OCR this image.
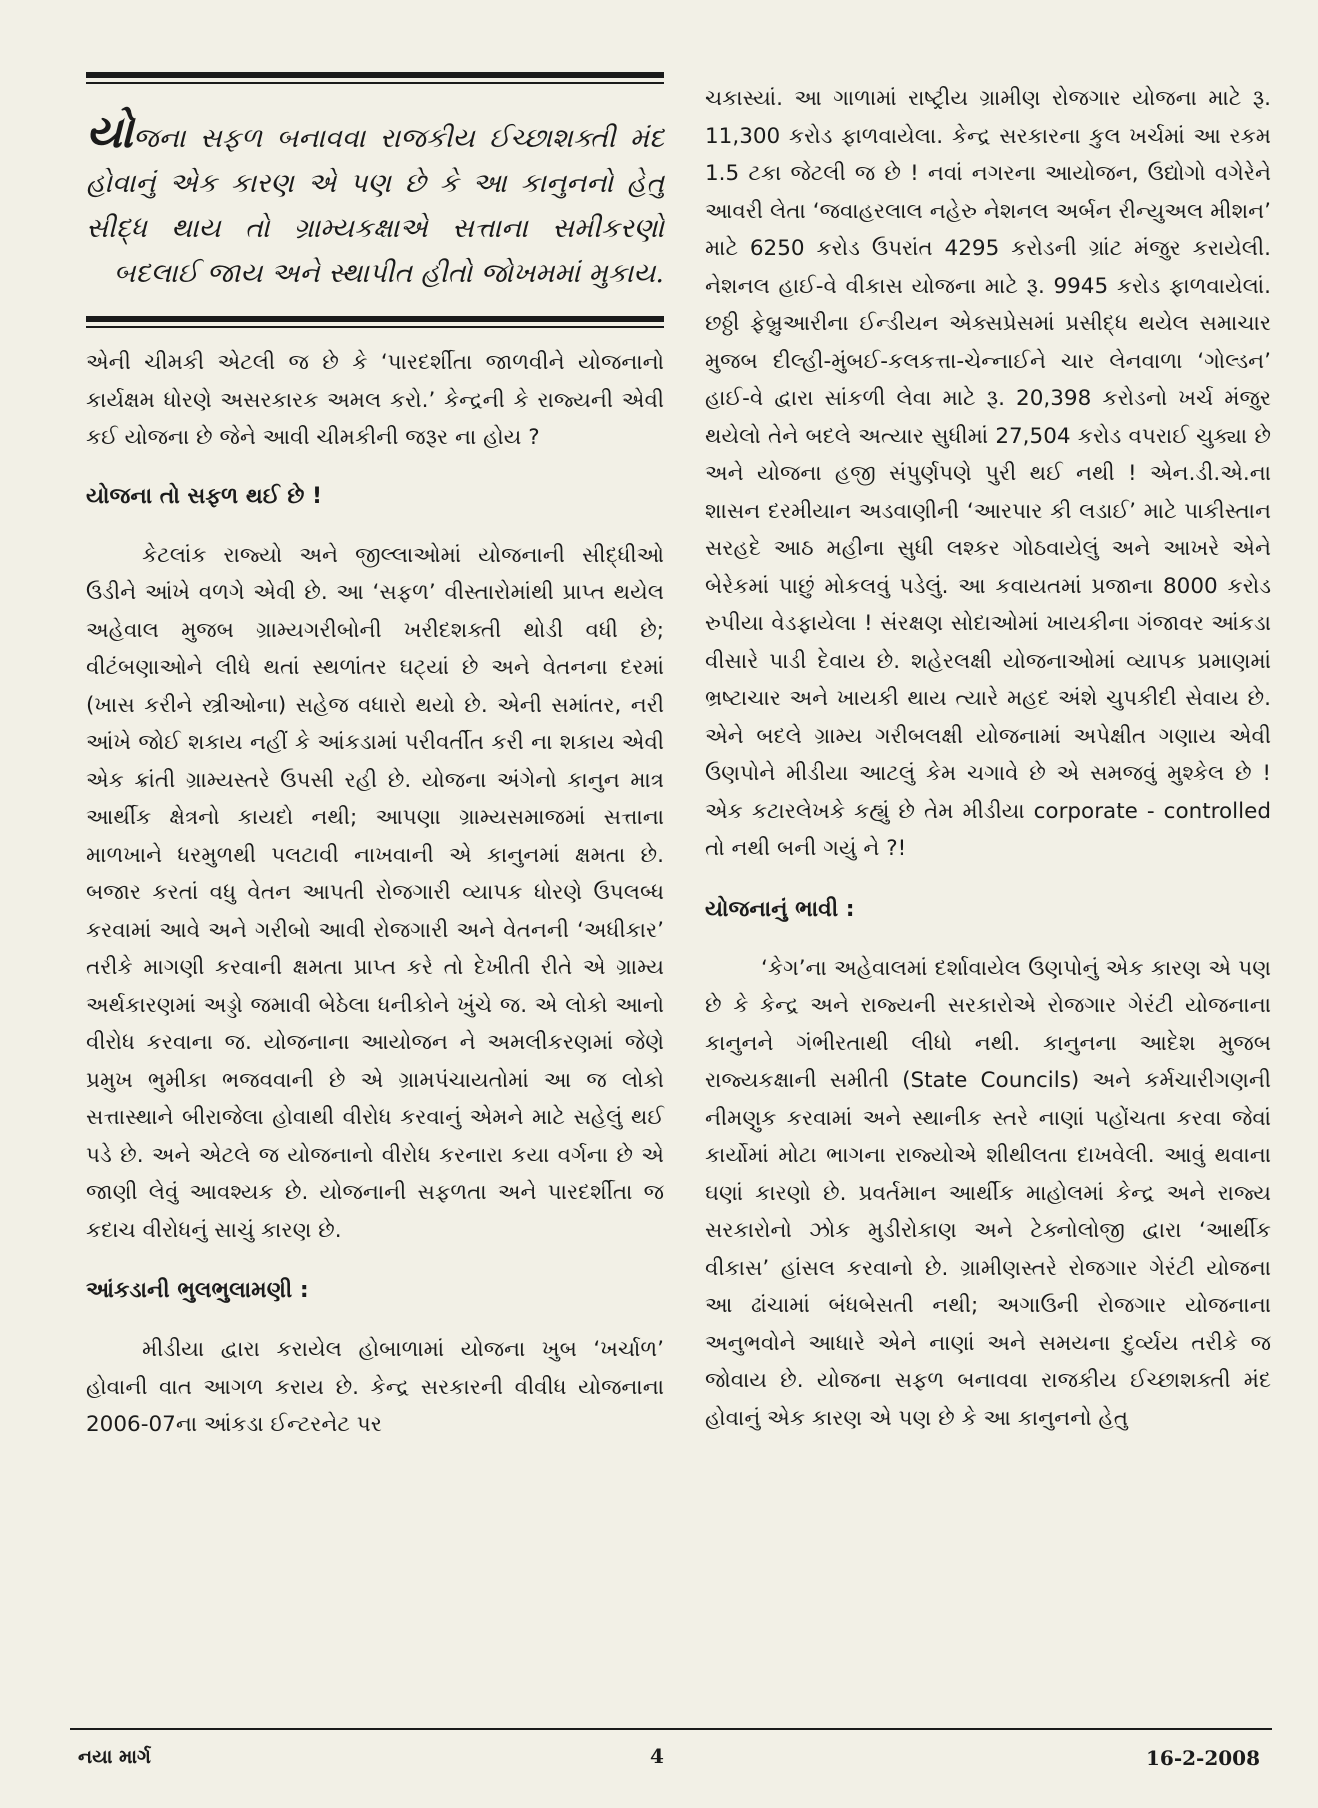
યોજના સફળ બનાવવા રાજકીય ઈચ્છાશક્તી મંદ હોવાનું એક કારણ એ પણ છે કે આ કાનુનનો હેતુ સીદ્ધ થાય તો ગ્રામ્યકક્ષાએ સત્તાના સમીકરણો બદલાઈ જાય અને સ્થાપીત હીતો જોખમમાં મુકાય.

એની ચીમકી એટલી જ છે કે ‘પારદર્શીતા જાળવીને યોજનાનો કાર્યક્ષમ ધોરણે અસરકારક અમલ કરો.’ કેન્દ્રની કે રાજ્યની એવી કઈ યોજના છે જેને આવી ચીમકીની જરૂર ના હોય ?

યોજના તો સફળ થઈ છે !

કેટલાંક રાજ્યો અને જીલ્લાઓમાં યોજનાની સીદ્ધીઓ ઉડીને આંખે વળગે એવી છે. આ ‘સફળ’ વીસ્તારોમાંથી પ્રાપ્ત થયેલ અહેવાલ મુજબ ગ્રામ્યગરીબોની ખરીદશક્તી થોડી વધી છે; વીટંબણાઓને લીધે થતાં સ્થળાંતર ઘટ્યાં છે અને વેતનના દરમાં (ખાસ કરીને સ્ત્રીઓના) સહેજ વધારો થયો છે. એની સમાંતર, નરી આંખે જોઈ શકાય નહીં કે આંકડામાં પરીવર્તીત કરી ના શકાય એવી એક ક્રાંતી ગ્રામ્યસ્તરે ઉપસી રહી છે. યોજના અંગેનો કાનુન માત્ર આર્થીક ક્ષેત્રનો કાયદો નથી; આપણા ગ્રામ્યસમાજમાં સત્તાના માળખાને ધરમુળથી પલટાવી નાખવાની એ કાનુનમાં ક્ષમતા છે. બજાર કરતાં વધુ વેતન આપતી રોજગારી વ્યાપક ધોરણે ઉપલબ્ધ કરવામાં આવે અને ગરીબો આવી રોજગારી અને વેતનની ‘અધીકાર’ તરીકે માગણી કરવાની ક્ષમતા પ્રાપ્ત કરે તો દેખીતી રીતે એ ગ્રામ્ય અર્થકારણમાં અડ્ડો જમાવી બેઠેલા ધનીકોને ખુંચે જ. એ લોકો આનો વીરોધ કરવાના જ. યોજનાના આયોજન ને અમલીકરણમાં જેણે પ્રમુખ ભુમીકા ભજવવાની છે એ ગ્રામપંચાયતોમાં આ જ લોકો સત્તાસ્થાને બીરાજેલા હોવાથી વીરોધ કરવાનું એમને માટે સહેલું થઈ પડે છે. અને એટલે જ યોજનાનો વીરોધ કરનારા કયા વર્ગના છે એ જાણી લેવું આવશ્યક છે. યોજનાની સફળતા અને પારદર્શીતા જ કદાચ વીરોધનું સાચું કારણ છે.

આંકડાની ભુલભુલામણી :

મીડીયા દ્વારા કરાયેલ હોબાળામાં યોજના ખુબ ‘ખર્ચાળ’ હોવાની વાત આગળ કરાય છે. કેન્દ્ર સરકારની વીવીધ યોજનાના 2006-07ના આંકડા ઈન્ટરનેટ પર

ચકાસ્યાં. આ ગાળામાં રાષ્ટ્રીય ગ્રામીણ રોજગાર યોજના માટે રૂ. 11,300 કરોડ ફાળવાયેલા. કેન્દ્ર સરકારના કુલ ખર્ચમાં આ રકમ 1.5 ટકા જેટલી જ છે ! નવાં નગરના આયોજન, ઉદ્યોગો વગેરેને આવરી લેતા ‘જવાહરલાલ નહેરુ નેશનલ અર્બન રીન્યુઅલ મીશન’ માટે 6250 કરોડ ઉપરાંત 4295 કરોડની ગ્રાંટ મંજુર કરાયેલી. નેશનલ હાઈ-વે વીકાસ યોજના માટે રૂ. 9945 કરોડ ફાળવાયેલાં. છઠ્ઠી ફેબ્રુઆરીના ઈન્ડીયન એક્સપ્રેસમાં પ્રસીદ્ધ થયેલ સમાચાર મુજબ દીલ્હી-મુંબઈ-કલકત્તા-ચેન્નાઈને ચાર લેનવાળા ‘ગોલ્ડન’ હાઈ-વે દ્વારા સાંકળી લેવા માટે રૂ. 20,398 કરોડનો ખર્ચ મંજુર થયેલો તેને બદલે અત્યાર સુધીમાં 27,504 કરોડ વપરાઈ ચુક્યા છે અને યોજના હજી સંપુર્ણપણે પુરી થઈ નથી ! એન.ડી.એ.ના શાસન દરમીયાન અડવાણીની ‘આરપાર કી લડાઈ’ માટે પાકીસ્તાન સરહદે આઠ મહીના સુધી લશ્કર ગોઠવાયેલું અને આખરે એને બેરેકમાં પાછું મોકલવું પડેલું. આ કવાયતમાં પ્રજાના 8000 કરોડ રુપીયા વેડફાયેલા ! સંરક્ષણ સોદાઓમાં ખાયકીના ગંજાવર આંકડા વીસારે પાડી દેવાય છે. શહેરલક્ષી યોજનાઓમાં વ્યાપક પ્રમાણમાં ભ્રષ્ટાચાર અને ખાયકી થાય ત્યારે મહદ અંશે ચુપકીદી સેવાય છે. એને બદલે ગ્રામ્ય ગરીબલક્ષી યોજનામાં અપેક્ષીત ગણાય એવી ઉણપોને મીડીયા આટલું કેમ ચગાવે છે એ સમજવું મુશ્કેલ છે ! એક કટારલેખકે કહ્યું છે તેમ મીડીયા corporate - controlled તો નથી બની ગયું ને ?!

યોજનાનું ભાવી :

‘કેગ’ના અહેવાલમાં દર્શાવાયેલ ઉણપોનું એક કારણ એ પણ છે કે કેન્દ્ર અને રાજ્યની સરકારોએ રોજગાર ગેરંટી યોજનાના કાનુનને ગંભીરતાથી લીધો નથી. કાનુનના આદેશ મુજબ રાજ્યકક્ષાની સમીતી (State Councils) અને કર્મચારીગણની નીમણુક કરવામાં અને સ્થાનીક સ્તરે નાણાં પહોંચતા કરવા જેવાં કાર્યોમાં મોટા ભાગના રાજ્યોએ શીથીલતા દાખવેલી. આવું થવાના ઘણાં કારણો છે. પ્રવર્તમાન આર્થીક માહોલમાં કેન્દ્ર અને રાજ્ય સરકારોનો ઝોક મુડીરોકાણ અને ટેક્નોલોજી દ્વારા ‘આર્થીક વીકાસ’ હાંસલ કરવાનો છે. ગ્રામીણસ્તરે રોજગાર ગેરંટી યોજના આ ઢાંચામાં બંધબેસતી નથી; અગાઉની રોજગાર યોજનાના અનુભવોને આધારે એને નાણાં અને સમયના દુર્વ્યય તરીકે જ જોવાય છે. યોજના સફળ બનાવવા રાજકીય ઈચ્છાશક્તી મંદ હોવાનું એક કારણ એ પણ છે કે આ કાનુનનો હેતુ

નયા માર્ગ	4	16-2-2008
